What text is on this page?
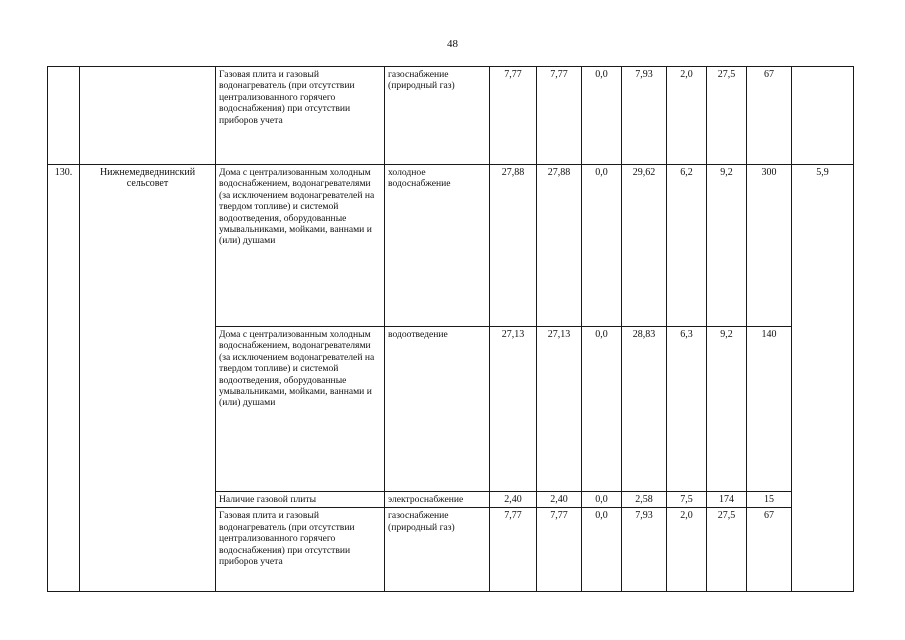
48
		Газовая плита и газовый водонагреватель (при отсутствии централизованного горячего водоснабжения) при отсутствии приборов учета	газоснабжение (природный газ)	7,77	7,77	0,0	7,93	2,0	27,5	67	
130.	Нижнемедведнинский сельсовет	Дома с централизованным холодным водоснабжением, водонагревателями (за исключением водонагревателей на твердом топливе) и системой водоотведения, оборудованные умывальниками, мойками, ваннами и (или) душами	холодное водоснабжение	27,88	27,88	0,0	29,62	6,2	9,2	300	5,9
		Дома с централизованным холодным водоснабжением, водонагревателями (за исключением водонагревателей на твердом топливе) и системой водоотведения, оборудованные умывальниками, мойками, ваннами и (или) душами	водоотведение	27,13	27,13	0,0	28,83	6,3	9,2	140	
		Наличие газовой плиты	электроснабжение	2,40	2,40	0,0	2,58	7,5	174	15	
		Газовая плита и газовый водонагреватель (при отсутствии централизованного горячего водоснабжения) при отсутствии приборов учета	газоснабжение (природный газ)	7,77	7,77	0,0	7,93	2,0	27,5	67	
